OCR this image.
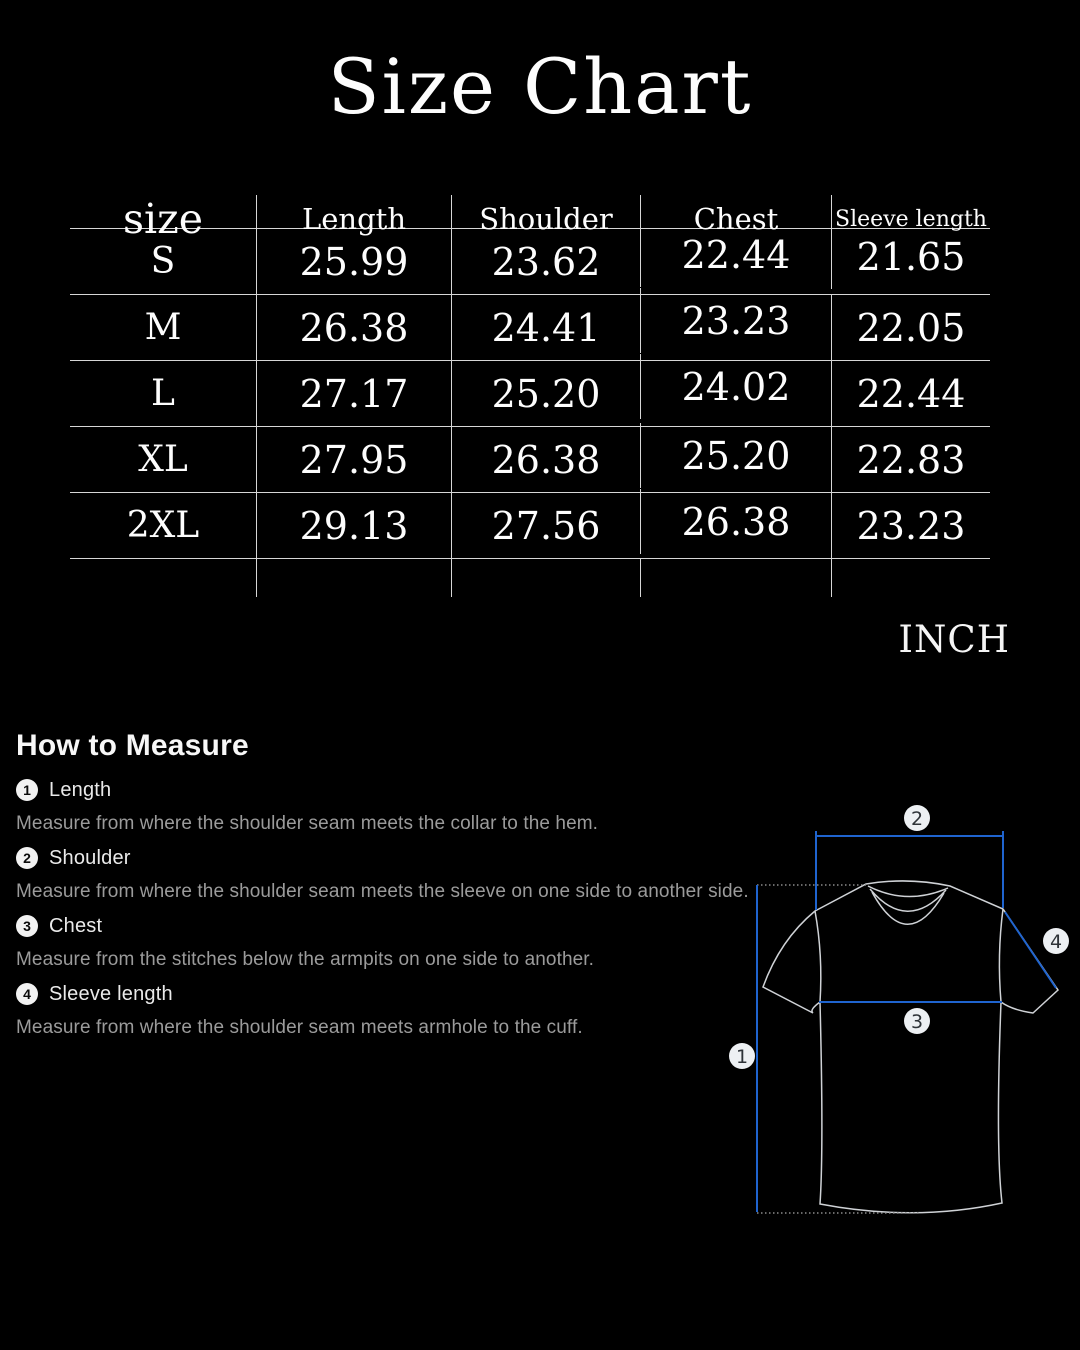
Size Chart
size	Length	Shoulder	Chest	Sleeve length
S	25.99	23.62	22.44	21.65
M	26.38	24.41	23.23	22.05
L	27.17	25.20	24.02	22.44
XL	27.95	26.38	25.20	22.83
2XL	29.13	27.56	26.38	23.23
INCH
How to Measure
1 Length
Measure from where the shoulder seam meets the collar to the hem.
2 Shoulder
Measure from where the shoulder seam meets the sleeve on one side to another side.
3 Chest
Measure from the stitches below the armpits on one side to another.
4 Sleeve length
Measure from where the shoulder seam meets armhole to the cuff.
1
2
3
4
